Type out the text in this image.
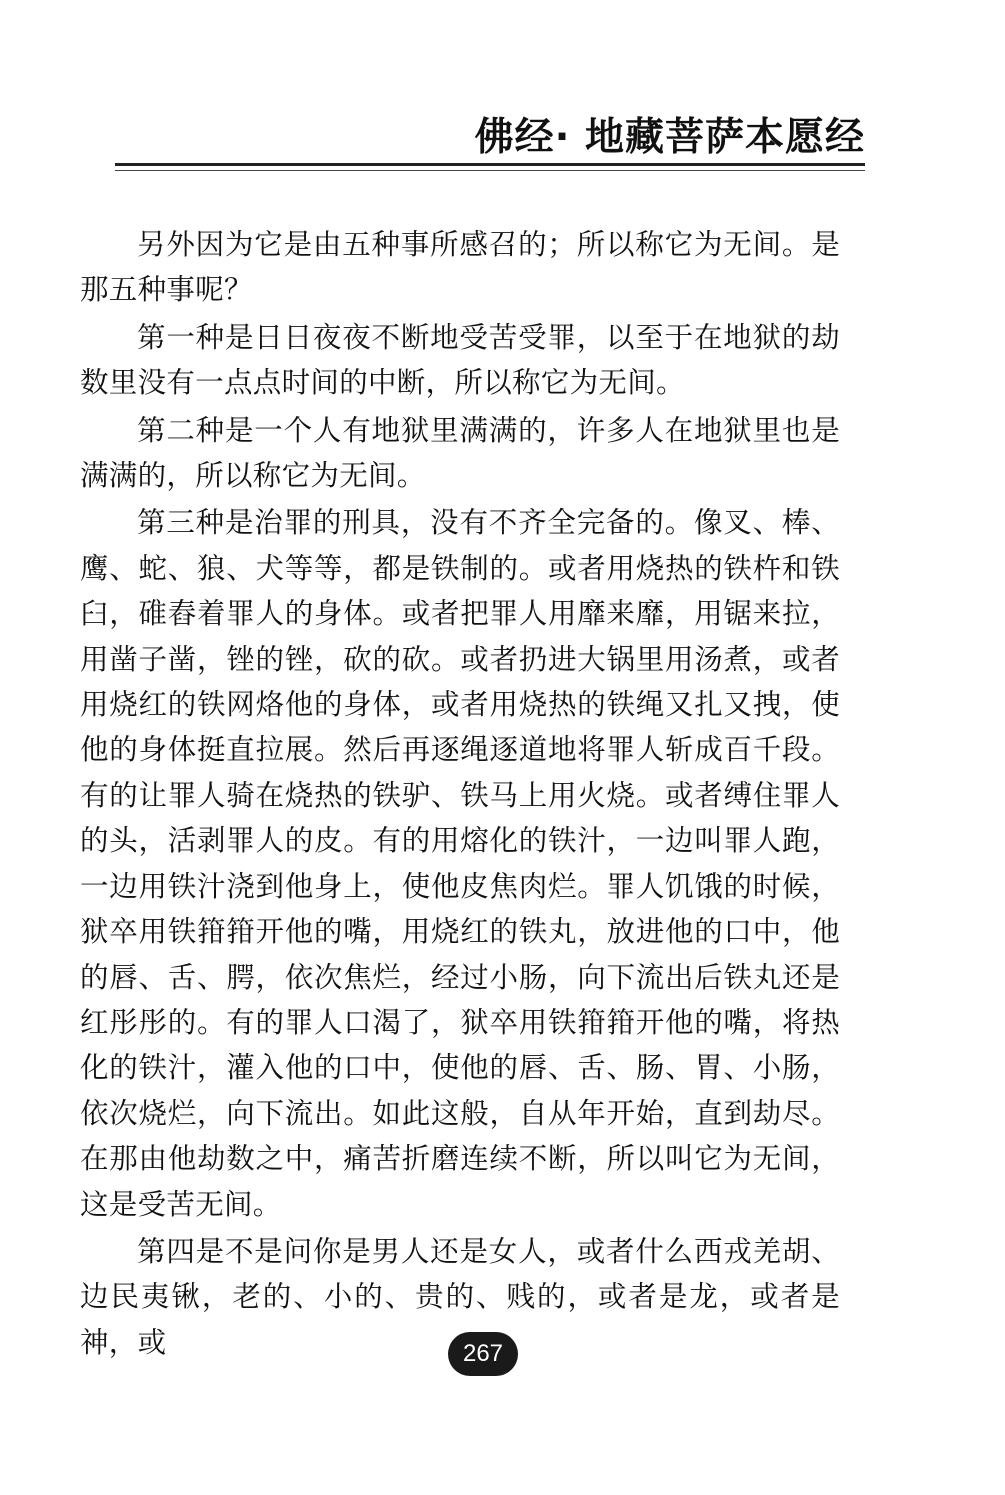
佛经· 地藏菩萨本愿经

另外因为它是由五种事所感召的；所以称它为无间。是那五种事呢？

第一种是日日夜夜不断地受苦受罪，以至于在地狱的劫数里没有一点点时间的中断，所以称它为无间。

第二种是一个人有地狱里满满的，许多人在地狱里也是满满的，所以称它为无间。

第三种是治罪的刑具，没有不齐全完备的。像叉、棒、鹰、蛇、狼、犬等等，都是铁制的。或者用烧热的铁杵和铁臼，碓舂着罪人的身体。或者把罪人用靡来靡，用锯来拉，用凿子凿，锉的锉，砍的砍。或者扔进大锅里用汤煮，或者用烧红的铁网烙他的身体，或者用烧热的铁绳又扎又拽，使他的身体挺直拉展。然后再逐绳逐道地将罪人斩成百千段。有的让罪人骑在烧热的铁驴、铁马上用火烧。或者缚住罪人的头，活剥罪人的皮。有的用熔化的铁汁，一边叫罪人跑，一边用铁汁浇到他身上，使他皮焦肉烂。罪人饥饿的时候，狱卒用铁箝箝开他的嘴，用烧红的铁丸，放进他的口中，他的唇、舌、腭，依次焦烂，经过小肠，向下流出后铁丸还是红彤彤的。有的罪人口渴了，狱卒用铁箝箝开他的嘴，将热化的铁汁，灌入他的口中，使他的唇、舌、肠、胃、小肠，依次烧烂，向下流出。如此这般，自从年开始，直到劫尽。在那由他劫数之中，痛苦折磨连续不断，所以叫它为无间，这是受苦无间。

第四是不是问你是男人还是女人，或者什么西戎羌胡、边民夷锹，老的、小的、贵的、贱的，或者是龙，或者是神，或	267
